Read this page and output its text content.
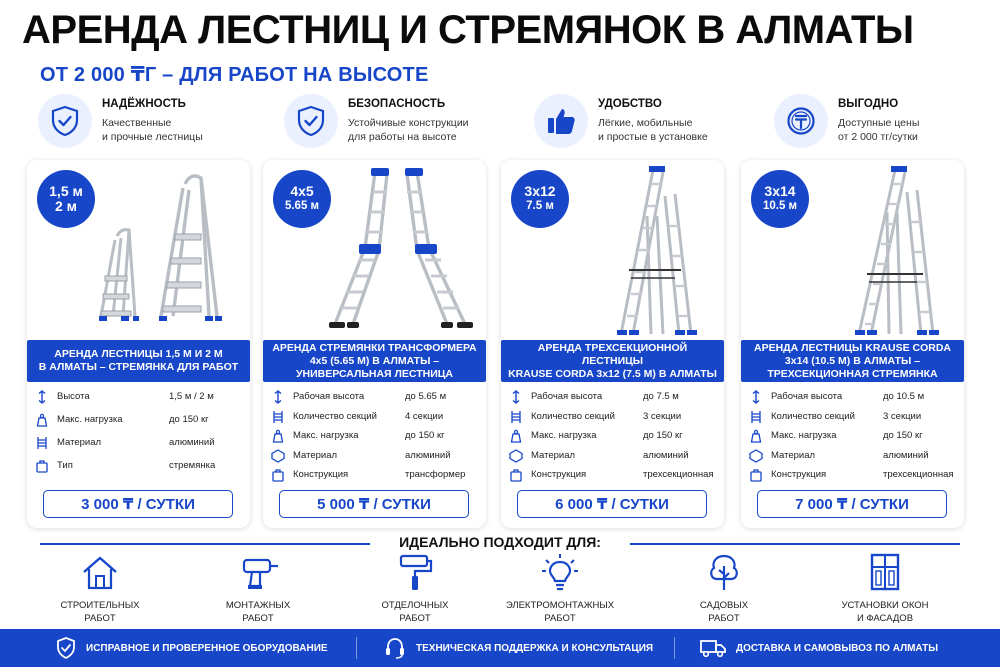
АРЕНДА ЛЕСТНИЦ И СТРЕМЯНОК В АЛМАТЫ
ОТ 2 000 ₸Г – ДЛЯ РАБОТ НА ВЫСОТЕ
НАДЁЖНОСТЬ
Качественные
и прочные лестницы
БЕЗОПАСНОСТЬ
Устойчивые конструкции
для работы на высоте
УДОБСТВО
Лёгкие, мобильные
и простые в установке
ВЫГОДНО
Доступные цены
от 2 000 тг/сутки
1,5 м
2 м
АРЕНДА ЛЕСТНИЦЫ 1,5 М И 2 М
В АЛМАТЫ – СТРЕМЯНКА ДЛЯ РАБОТ
Высота	1,5 м / 2 м
Макс. нагрузка	до 150 кг
Материал	алюминий
Тип	стремянка
3 000 ₸ / СУТКИ
4x5
5.65 м
АРЕНДА СТРЕМЯНКИ ТРАНСФОРМЕРА
4x5 (5.65 М) В АЛМАТЫ –
УНИВЕРСАЛЬНАЯ ЛЕСТНИЦА
Рабочая высота	до 5.65 м
Количество секций	4 секции
Макс. нагрузка	до 150 кг
Материал	алюминий
Конструкция	трансформер
5 000 ₸ / СУТКИ
3x12
7.5 м
АРЕНДА ТРЕХСЕКЦИОННОЙ ЛЕСТНИЦЫ
KRAUSE CORDA 3x12 (7.5 М) В АЛМАТЫ
Рабочая высота	до 7.5 м
Количество секций	3 секции
Макс. нагрузка	до 150 кг
Материал	алюминий
Конструкция	трехсекционная
6 000 ₸ / СУТКИ
3x14
10.5 м
АРЕНДА ЛЕСТНИЦЫ KRAUSE CORDA
3x14 (10.5 М) В АЛМАТЫ –
ТРЕХСЕКЦИОННАЯ СТРЕМЯНКА
Рабочая высота	до 10.5 м
Количество секций	3 секции
Макс. нагрузка	до 150 кг
Материал	алюминий
Конструкция	трехсекционная
7 000 ₸ / СУТКИ
ИДЕАЛЬНО ПОДХОДИТ ДЛЯ:
СТРОИТЕЛЬНЫХ
РАБОТ
МОНТАЖНЫХ
РАБОТ
ОТДЕЛОЧНЫХ
РАБОТ
ЭЛЕКТРОМОНТАЖНЫХ
РАБОТ
САДОВЫХ
РАБОТ
УСТАНОВКИ ОКОН
И ФАСАДОВ
ИСПРАВНОЕ И ПРОВЕРЕННОЕ ОБОРУДОВАНИЕ	ТЕХНИЧЕСКАЯ ПОДДЕРЖКА И КОНСУЛЬТАЦИЯ	ДОСТАВКА И САМОВЫВОЗ ПО АЛМАТЫ
